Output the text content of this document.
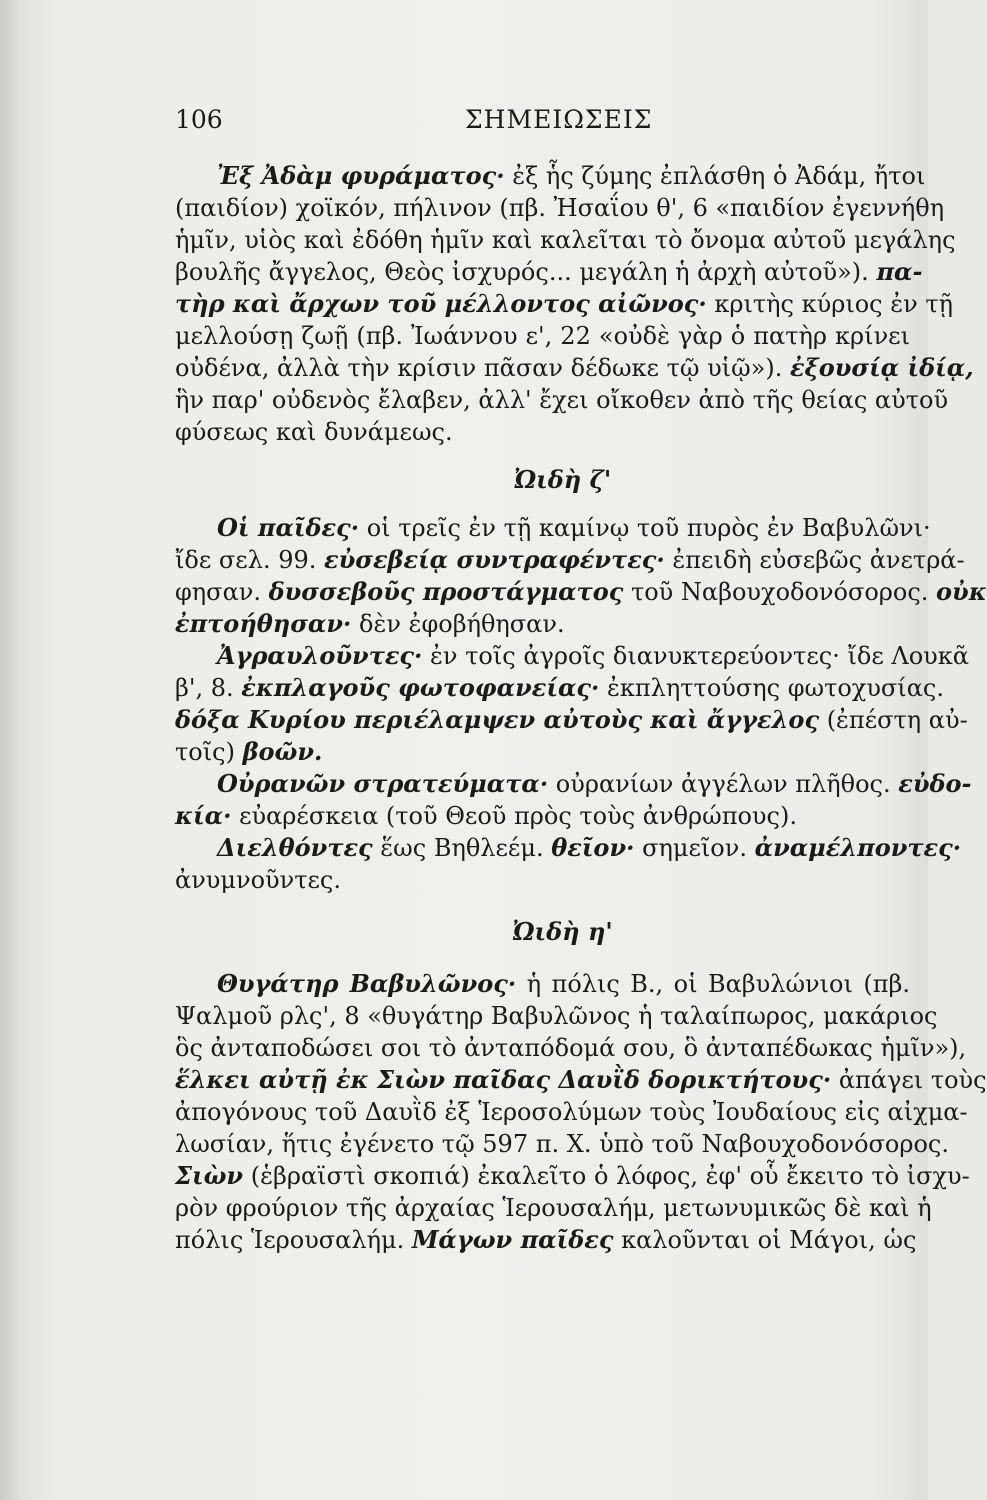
106	ΣΗΜΕΙΩΣΕΙΣ
Ἐξ Ἀδὰμ φυράματος· ἐξ ἧς ζύμης ἐπλάσθη ὁ Ἀδάμ, ἤτοι
(παιδίον) χοϊκόν, πήλινον (πβ. Ἠσαΐου θ', 6 «παιδίον ἐγεννήθη
ἡμῖν, υἱὸς καὶ ἐδόθη ἡμῖν καὶ καλεῖται τὸ ὄνομα αὐτοῦ μεγάλης
βουλῆς ἄγγελος, Θεὸς ἰσχυρός... μεγάλη ἡ ἀρχὴ αὐτοῦ»). πα-
τὴρ καὶ ἄρχων τοῦ μέλλοντος αἰῶνος· κριτὴς κύριος ἐν τῇ
μελλούσῃ ζωῇ (πβ. Ἰωάννου ε', 22 «οὐδὲ γὰρ ὁ πατὴρ κρίνει
οὐδένα, ἀλλὰ τὴν κρίσιν πᾶσαν δέδωκε τῷ υἱῷ»). ἐξουσίᾳ ἰδίᾳ,
ἣν παρ' οὐδενὸς ἔλαβεν, ἀλλ' ἔχει οἴκοθεν ἀπὸ τῆς θείας αὐτοῦ
φύσεως καὶ δυνάμεως.
Ὠιδὴ ζ'
Οἱ παῖδες· οἱ τρεῖς ἐν τῇ καμίνῳ τοῦ πυρὸς ἐν Βαβυλῶνι·
ἴδε σελ. 99. εὐσεβείᾳ συντραφέντες· ἐπειδὴ εὐσεβῶς ἀνετρά-
φησαν. δυσσεβοῦς προστάγματος τοῦ Ναβουχοδονόσορος. οὐκ
ἐπτοήθησαν· δὲν ἐφοβήθησαν.
Ἀγραυλοῦντες· ἐν τοῖς ἀγροῖς διανυκτερεύοντες· ἴδε Λουκᾶ
β', 8. ἐκπλαγοῦς φωτοφανείας· ἐκπληττούσης φωτοχυσίας.
δόξα Κυρίου περιέλαμψεν αὐτοὺς καὶ ἄγγελος (ἐπέστη αὐ-
τοῖς) βοῶν.
Οὐρανῶν στρατεύματα· οὐρανίων ἀγγέλων πλῆθος. εὐδο-
κία· εὐαρέσκεια (τοῦ Θεοῦ πρὸς τοὺς ἀνθρώπους).
Διελθόντες ἕως Βηθλεέμ. θεῖον· σημεῖον. ἀναμέλποντες·
ἀνυμνοῦντες.
Ὠιδὴ η'
Θυγάτηρ Βαβυλῶνος· ἡ πόλις Β., οἱ Βαβυλώνιοι (πβ.
Ψαλμοῦ ρλς', 8 «θυγάτηρ Βαβυλῶνος ἡ ταλαίπωρος, μακάριος
ὃς ἀνταποδώσει σοι τὸ ἀνταπόδομά σου, ὃ ἀνταπέδωκας ἡμῖν»),
ἕλκει αὐτῇ ἐκ Σιὼν παῖδας Δαυῒδ δορικτήτους· ἀπάγει τοὺς
ἀπογόνους τοῦ Δαυῒδ ἐξ Ἱεροσολύμων τοὺς Ἰουδαίους εἰς αἰχμα-
λωσίαν, ἥτις ἐγένετο τῷ 597 π. Χ. ὑπὸ τοῦ Ναβουχοδονόσορος.
Σιὼν (ἑβραϊστὶ σκοπιά) ἐκαλεῖτο ὁ λόφος, ἐφ' οὗ ἔκειτο τὸ ἰσχυ-
ρὸν φρούριον τῆς ἀρχαίας Ἱερουσαλήμ, μετωνυμικῶς δὲ καὶ ἡ
πόλις Ἱερουσαλήμ. Μάγων παῖδες καλοῦνται οἱ Μάγοι, ὡς
